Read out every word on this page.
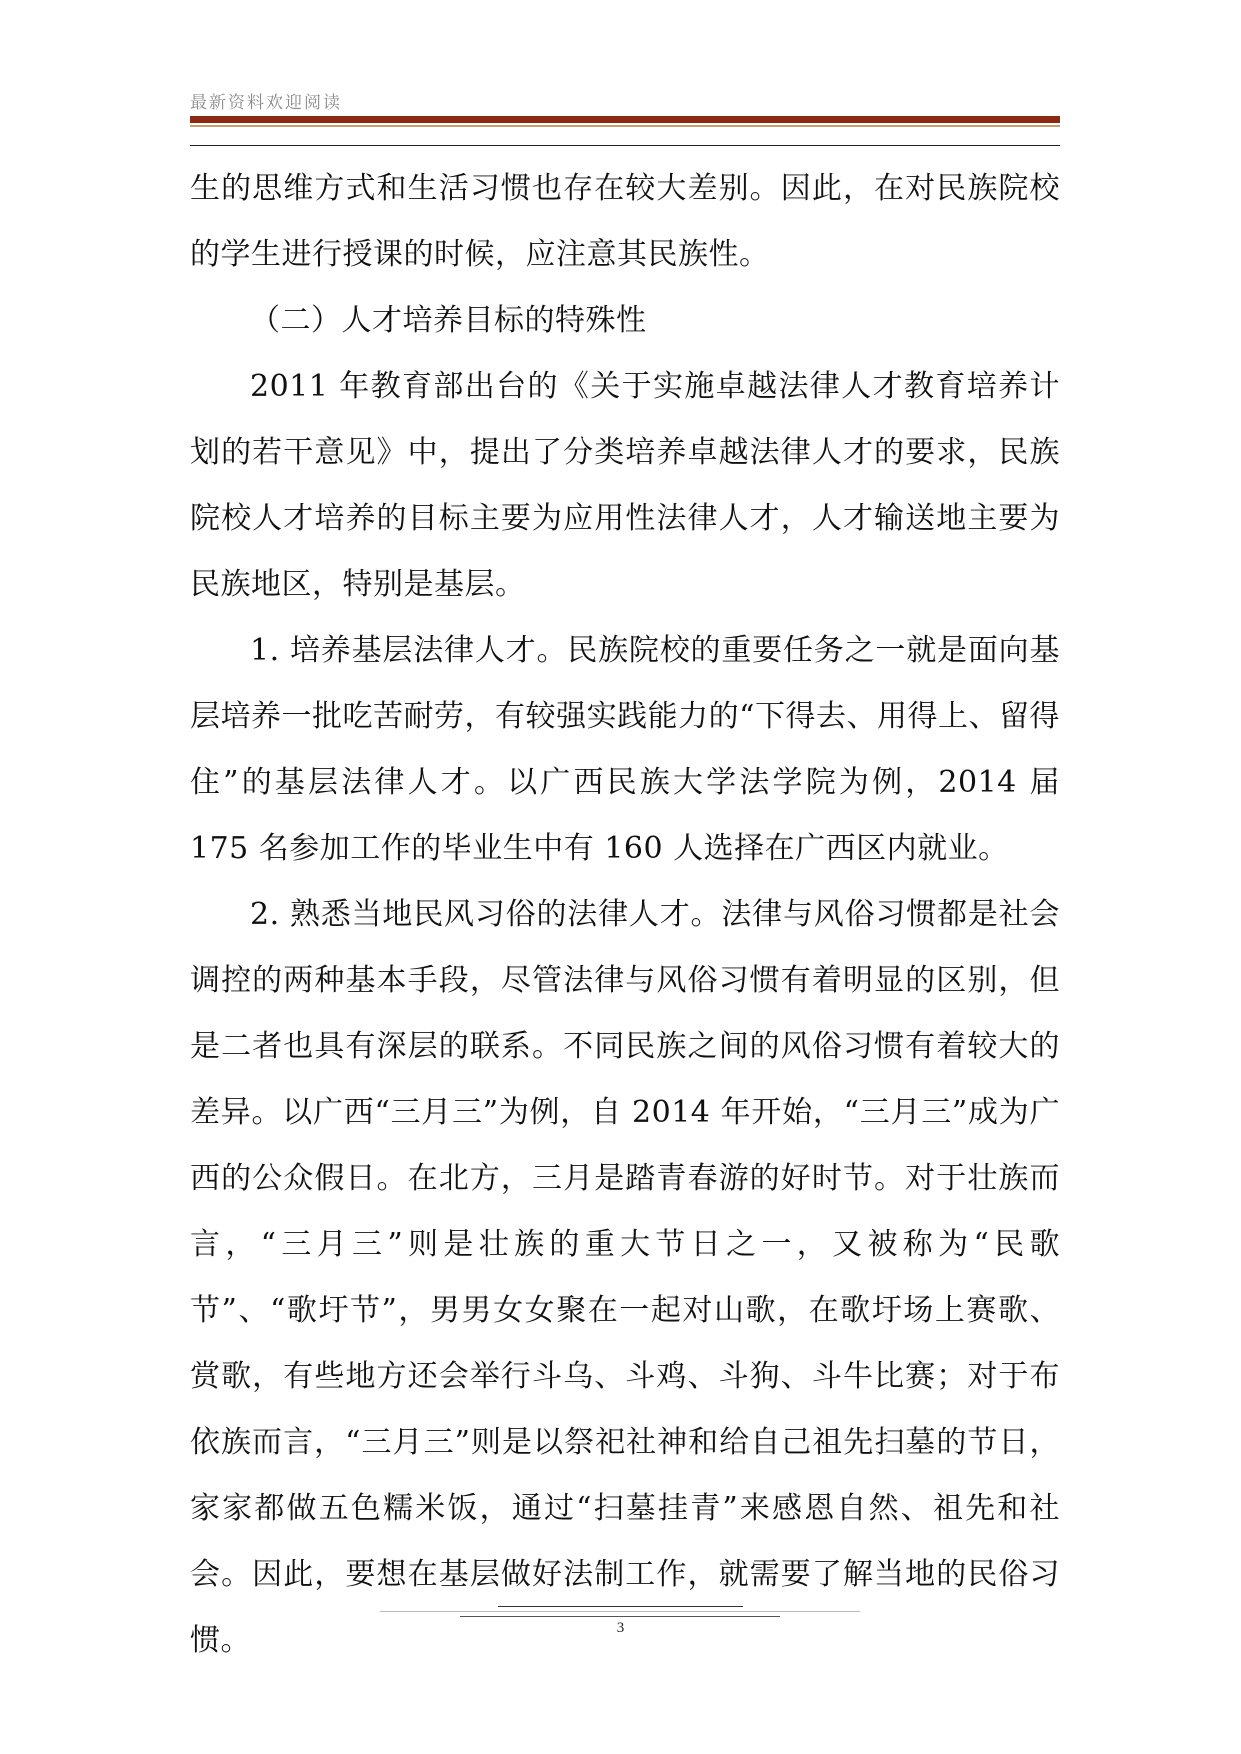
最新资料欢迎阅读

生的思维方式和生活习惯也存在较大差别。因此，在对民族院校的学生进行授课的时候，应注意其民族性。

（二）人才培养目标的特殊性

2011 年教育部出台的《关于实施卓越法律人才教育培养计划的若干意见》中，提出了分类培养卓越法律人才的要求，民族院校人才培养的目标主要为应用性法律人才，人才输送地主要为民族地区，特别是基层。

1. 培养基层法律人才。民族院校的重要任务之一就是面向基层培养一批吃苦耐劳，有较强实践能力的“下得去、用得上、留得住”的基层法律人才。以广西民族大学法学院为例，2014 届 175 名参加工作的毕业生中有 160 人选择在广西区内就业。

2. 熟悉当地民风习俗的法律人才。法律与风俗习惯都是社会调控的两种基本手段，尽管法律与风俗习惯有着明显的区别，但是二者也具有深层的联系。不同民族之间的风俗习惯有着较大的差异。以广西“三月三”为例，自 2014 年开始，“三月三”成为广西的公众假日。在北方，三月是踏青春游的好时节。对于壮族而言，“三月三”则是壮族的重大节日之一，又被称为“民歌节”、“歌圩节”，男男女女聚在一起对山歌，在歌圩场上赛歌、赏歌，有些地方还会举行斗乌、斗鸡、斗狗、斗牛比赛；对于布依族而言，“三月三”则是以祭祀社神和给自己祖先扫墓的节日，家家都做五色糯米饭，通过“扫墓挂青”来感恩自然、祖先和社会。因此，要想在基层做好法制工作，就需要了解当地的民俗习惯。	3
